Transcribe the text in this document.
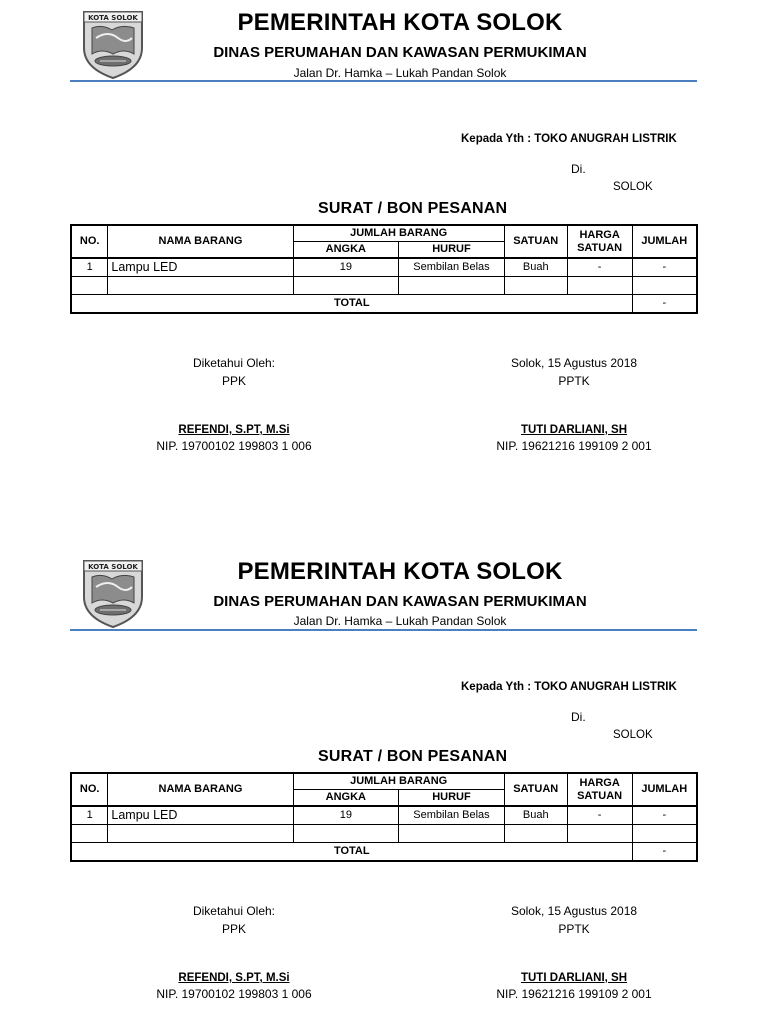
KOTA SOLOK	PEMERINTAH KOTA SOLOK
DINAS PERUMAHAN DAN KAWASAN PERMUKIMAN
Jalan Dr. Hamka – Lukah Pandan Solok
Kepada Yth : TOKO ANUGRAH LISTRIK
Di.
SOLOK
SURAT / BON PESANAN
NO.	NAMA BARANG	JUMLAH BARANG		SATUAN	HARGA SATUAN	JUMLAH
		ANGKA	HURUF			
1	Lampu LED	19	Sembilan Belas	Buah	-	-

TOTAL						-
Diketahui Oleh:
PPK
REFENDI, S.PT, M.Si
NIP. 19700102 199803 1 006
Solok, 15 Agustus 2018
PPTK
TUTI DARLIANI, SH
NIP. 19621216 199109 2 001
KOTA SOLOK	PEMERINTAH KOTA SOLOK
DINAS PERUMAHAN DAN KAWASAN PERMUKIMAN
Jalan Dr. Hamka – Lukah Pandan Solok
Kepada Yth : TOKO ANUGRAH LISTRIK
Di.
SOLOK
SURAT / BON PESANAN
NO.	NAMA BARANG	JUMLAH BARANG		SATUAN	HARGA SATUAN	JUMLAH
		ANGKA	HURUF			
1	Lampu LED	19	Sembilan Belas	Buah	-	-

TOTAL						-
Diketahui Oleh:
PPK
REFENDI, S.PT, M.Si
NIP. 19700102 199803 1 006
Solok, 15 Agustus 2018
PPTK
TUTI DARLIANI, SH
NIP. 19621216 199109 2 001
